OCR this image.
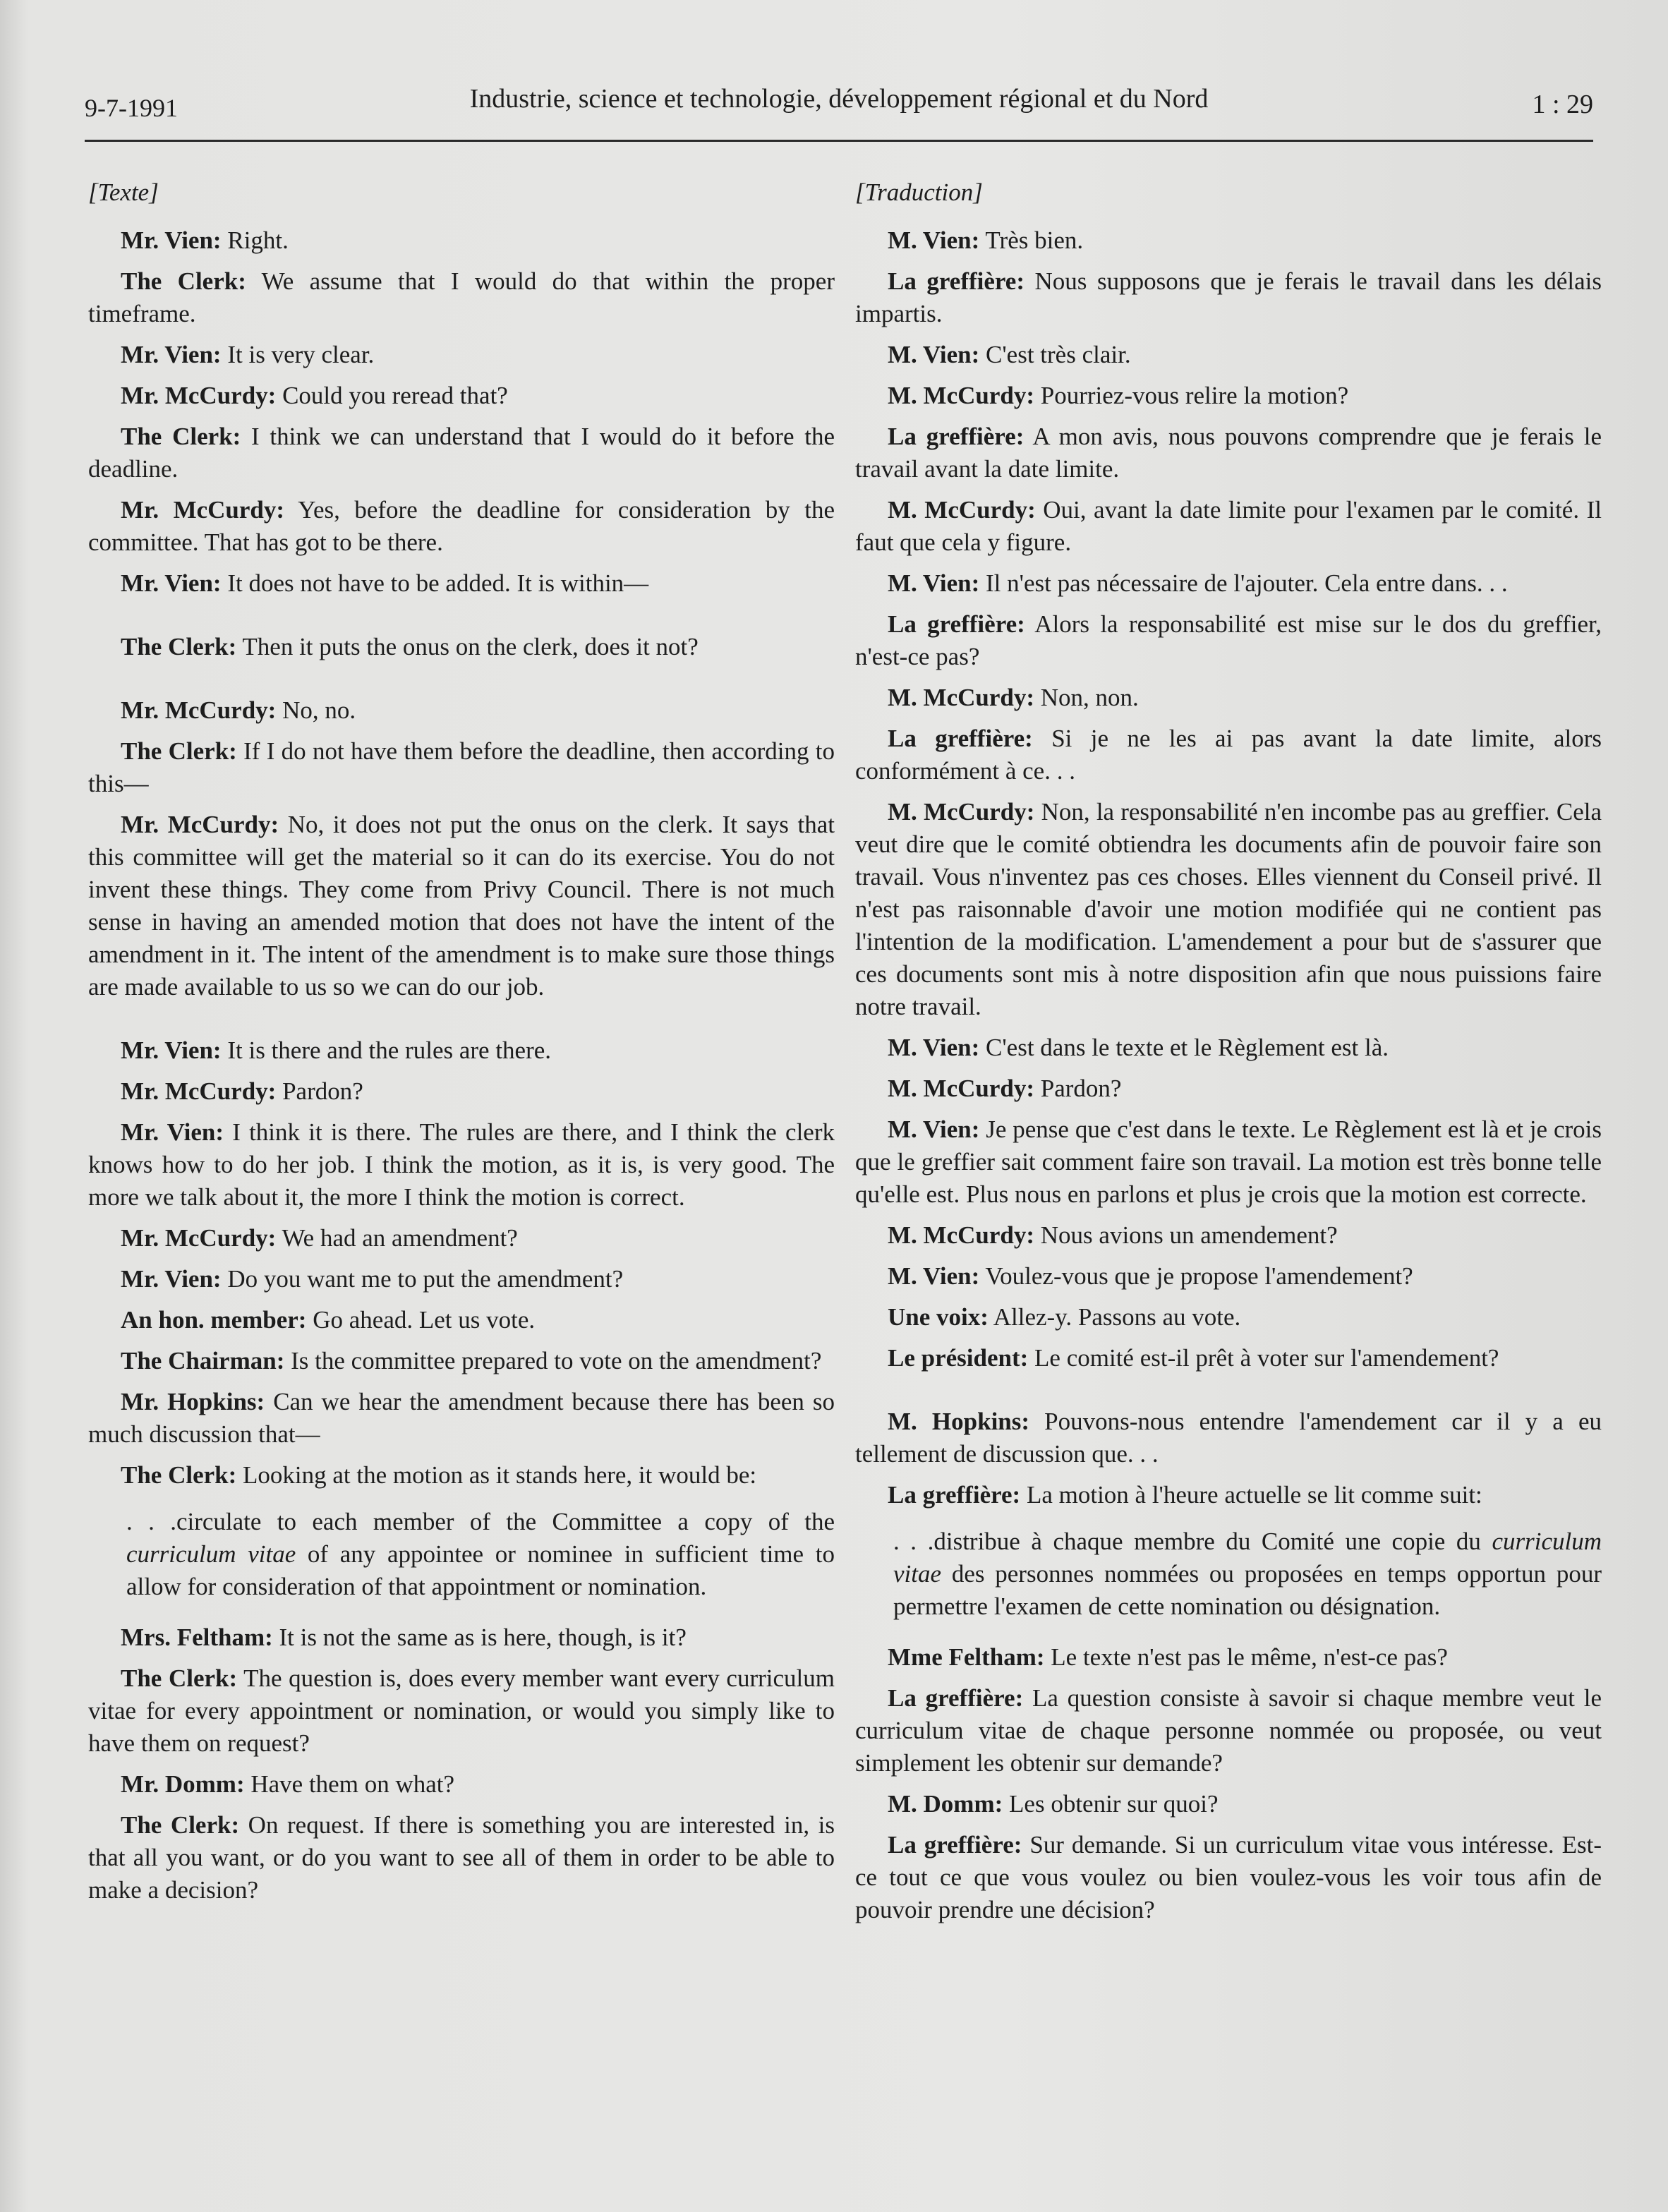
9-7-1991	Industrie, science et technologie, développement régional et du Nord	1 : 29
[Texte]

Mr. Vien: Right.

The Clerk: We assume that I would do that within the proper timeframe.

Mr. Vien: It is very clear.

Mr. McCurdy: Could you reread that?

The Clerk: I think we can understand that I would do it before the deadline.

Mr. McCurdy: Yes, before the deadline for consideration by the committee. That has got to be there.

Mr. Vien: It does not have to be added. It is within—

The Clerk: Then it puts the onus on the clerk, does it not?

Mr. McCurdy: No, no.

The Clerk: If I do not have them before the deadline, then according to this—

Mr. McCurdy: No, it does not put the onus on the clerk. It says that this committee will get the material so it can do its exercise. You do not invent these things. They come from Privy Council. There is not much sense in having an amended motion that does not have the intent of the amendment in it. The intent of the amendment is to make sure those things are made available to us so we can do our job.

Mr. Vien: It is there and the rules are there.

Mr. McCurdy: Pardon?

Mr. Vien: I think it is there. The rules are there, and I think the clerk knows how to do her job. I think the motion, as it is, is very good. The more we talk about it, the more I think the motion is correct.

Mr. McCurdy: We had an amendment?

Mr. Vien: Do you want me to put the amendment?

An hon. member: Go ahead. Let us vote.

The Chairman: Is the committee prepared to vote on the amendment?

Mr. Hopkins: Can we hear the amendment because there has been so much discussion that—

The Clerk: Looking at the motion as it stands here, it would be:

. . .circulate to each member of the Committee a copy of the curriculum vitae of any appointee or nominee in sufficient time to allow for consideration of that appointment or nomination.

Mrs. Feltham: It is not the same as is here, though, is it?

The Clerk: The question is, does every member want every curriculum vitae for every appointment or nomination, or would you simply like to have them on request?

Mr. Domm: Have them on what?

The Clerk: On request. If there is something you are interested in, is that all you want, or do you want to see all of them in order to be able to make a decision?

[Traduction]

M. Vien: Très bien.

La greffière: Nous supposons que je ferais le travail dans les délais impartis.

M. Vien: C'est très clair.

M. McCurdy: Pourriez-vous relire la motion?

La greffière: A mon avis, nous pouvons comprendre que je ferais le travail avant la date limite.

M. McCurdy: Oui, avant la date limite pour l'examen par le comité. Il faut que cela y figure.

M. Vien: Il n'est pas nécessaire de l'ajouter. Cela entre dans. . .

La greffière: Alors la responsabilité est mise sur le dos du greffier, n'est-ce pas?

M. McCurdy: Non, non.

La greffière: Si je ne les ai pas avant la date limite, alors conformément à ce. . .

M. McCurdy: Non, la responsabilité n'en incombe pas au greffier. Cela veut dire que le comité obtiendra les documents afin de pouvoir faire son travail. Vous n'inventez pas ces choses. Elles viennent du Conseil privé. Il n'est pas raisonnable d'avoir une motion modifiée qui ne contient pas l'intention de la modification. L'amendement a pour but de s'assurer que ces documents sont mis à notre disposition afin que nous puissions faire notre travail.

M. Vien: C'est dans le texte et le Règlement est là.

M. McCurdy: Pardon?

M. Vien: Je pense que c'est dans le texte. Le Règlement est là et je crois que le greffier sait comment faire son travail. La motion est très bonne telle qu'elle est. Plus nous en parlons et plus je crois que la motion est correcte.

M. McCurdy: Nous avions un amendement?

M. Vien: Voulez-vous que je propose l'amendement?

Une voix: Allez-y. Passons au vote.

Le président: Le comité est-il prêt à voter sur l'amendement?

M. Hopkins: Pouvons-nous entendre l'amendement car il y a eu tellement de discussion que. . .

La greffière: La motion à l'heure actuelle se lit comme suit:

. . .distribue à chaque membre du Comité une copie du curriculum vitae des personnes nommées ou proposées en temps opportun pour permettre l'examen de cette nomination ou désignation.

Mme Feltham: Le texte n'est pas le même, n'est-ce pas?

La greffière: La question consiste à savoir si chaque membre veut le curriculum vitae de chaque personne nommée ou proposée, ou veut simplement les obtenir sur demande?

M. Domm: Les obtenir sur quoi?

La greffière: Sur demande. Si un curriculum vitae vous intéresse. Est-ce tout ce que vous voulez ou bien voulez-vous les voir tous afin de pouvoir prendre une décision?
